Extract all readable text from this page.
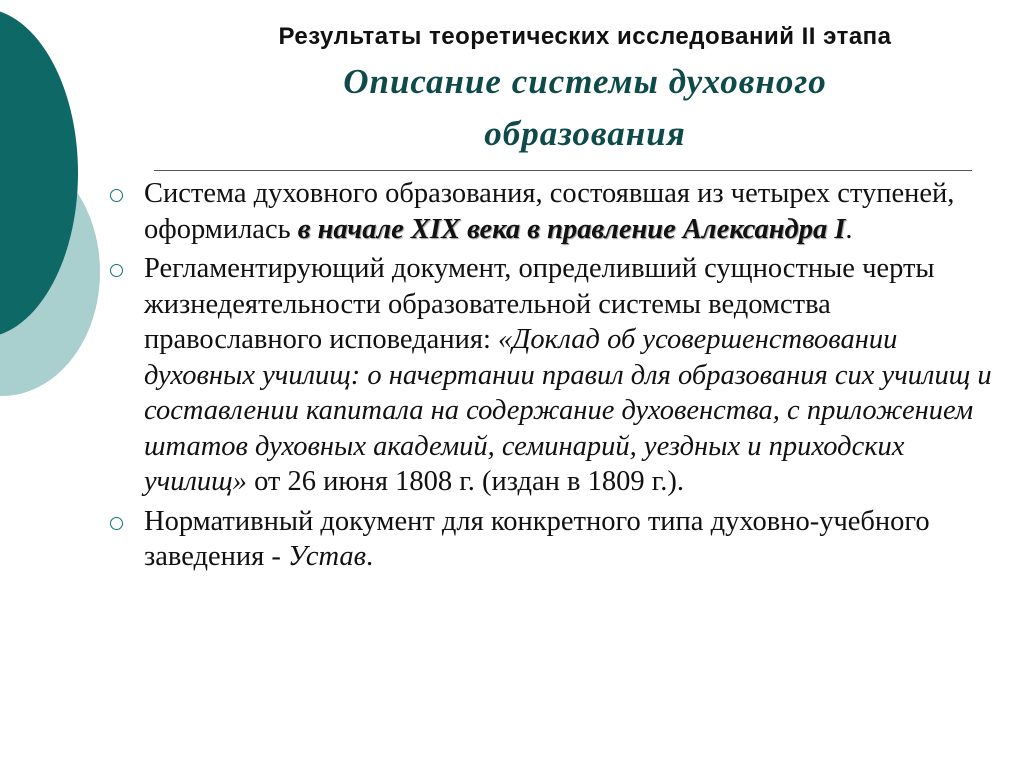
Результаты теоретических исследований II этапа

Описание системы духовного

образования

Система духовного образования, состоявшая из четырех ступеней, оформилась в начале XIX века в правление Александра I.
Регламентирующий документ, определивший сущностные черты жизнедеятельности образовательной системы ведомства православного исповедания: «Доклад об усовершенствовании духовных училищ: о начертании правил для образования сих училищ и составлении капитала на содержание духовенства, с приложением штатов духовных академий, семинарий, уездных и приходских училищ» от 26 июня 1808 г. (издан в 1809 г.).
Нормативный документ для конкретного типа духовно-учебного заведения - Устав.
